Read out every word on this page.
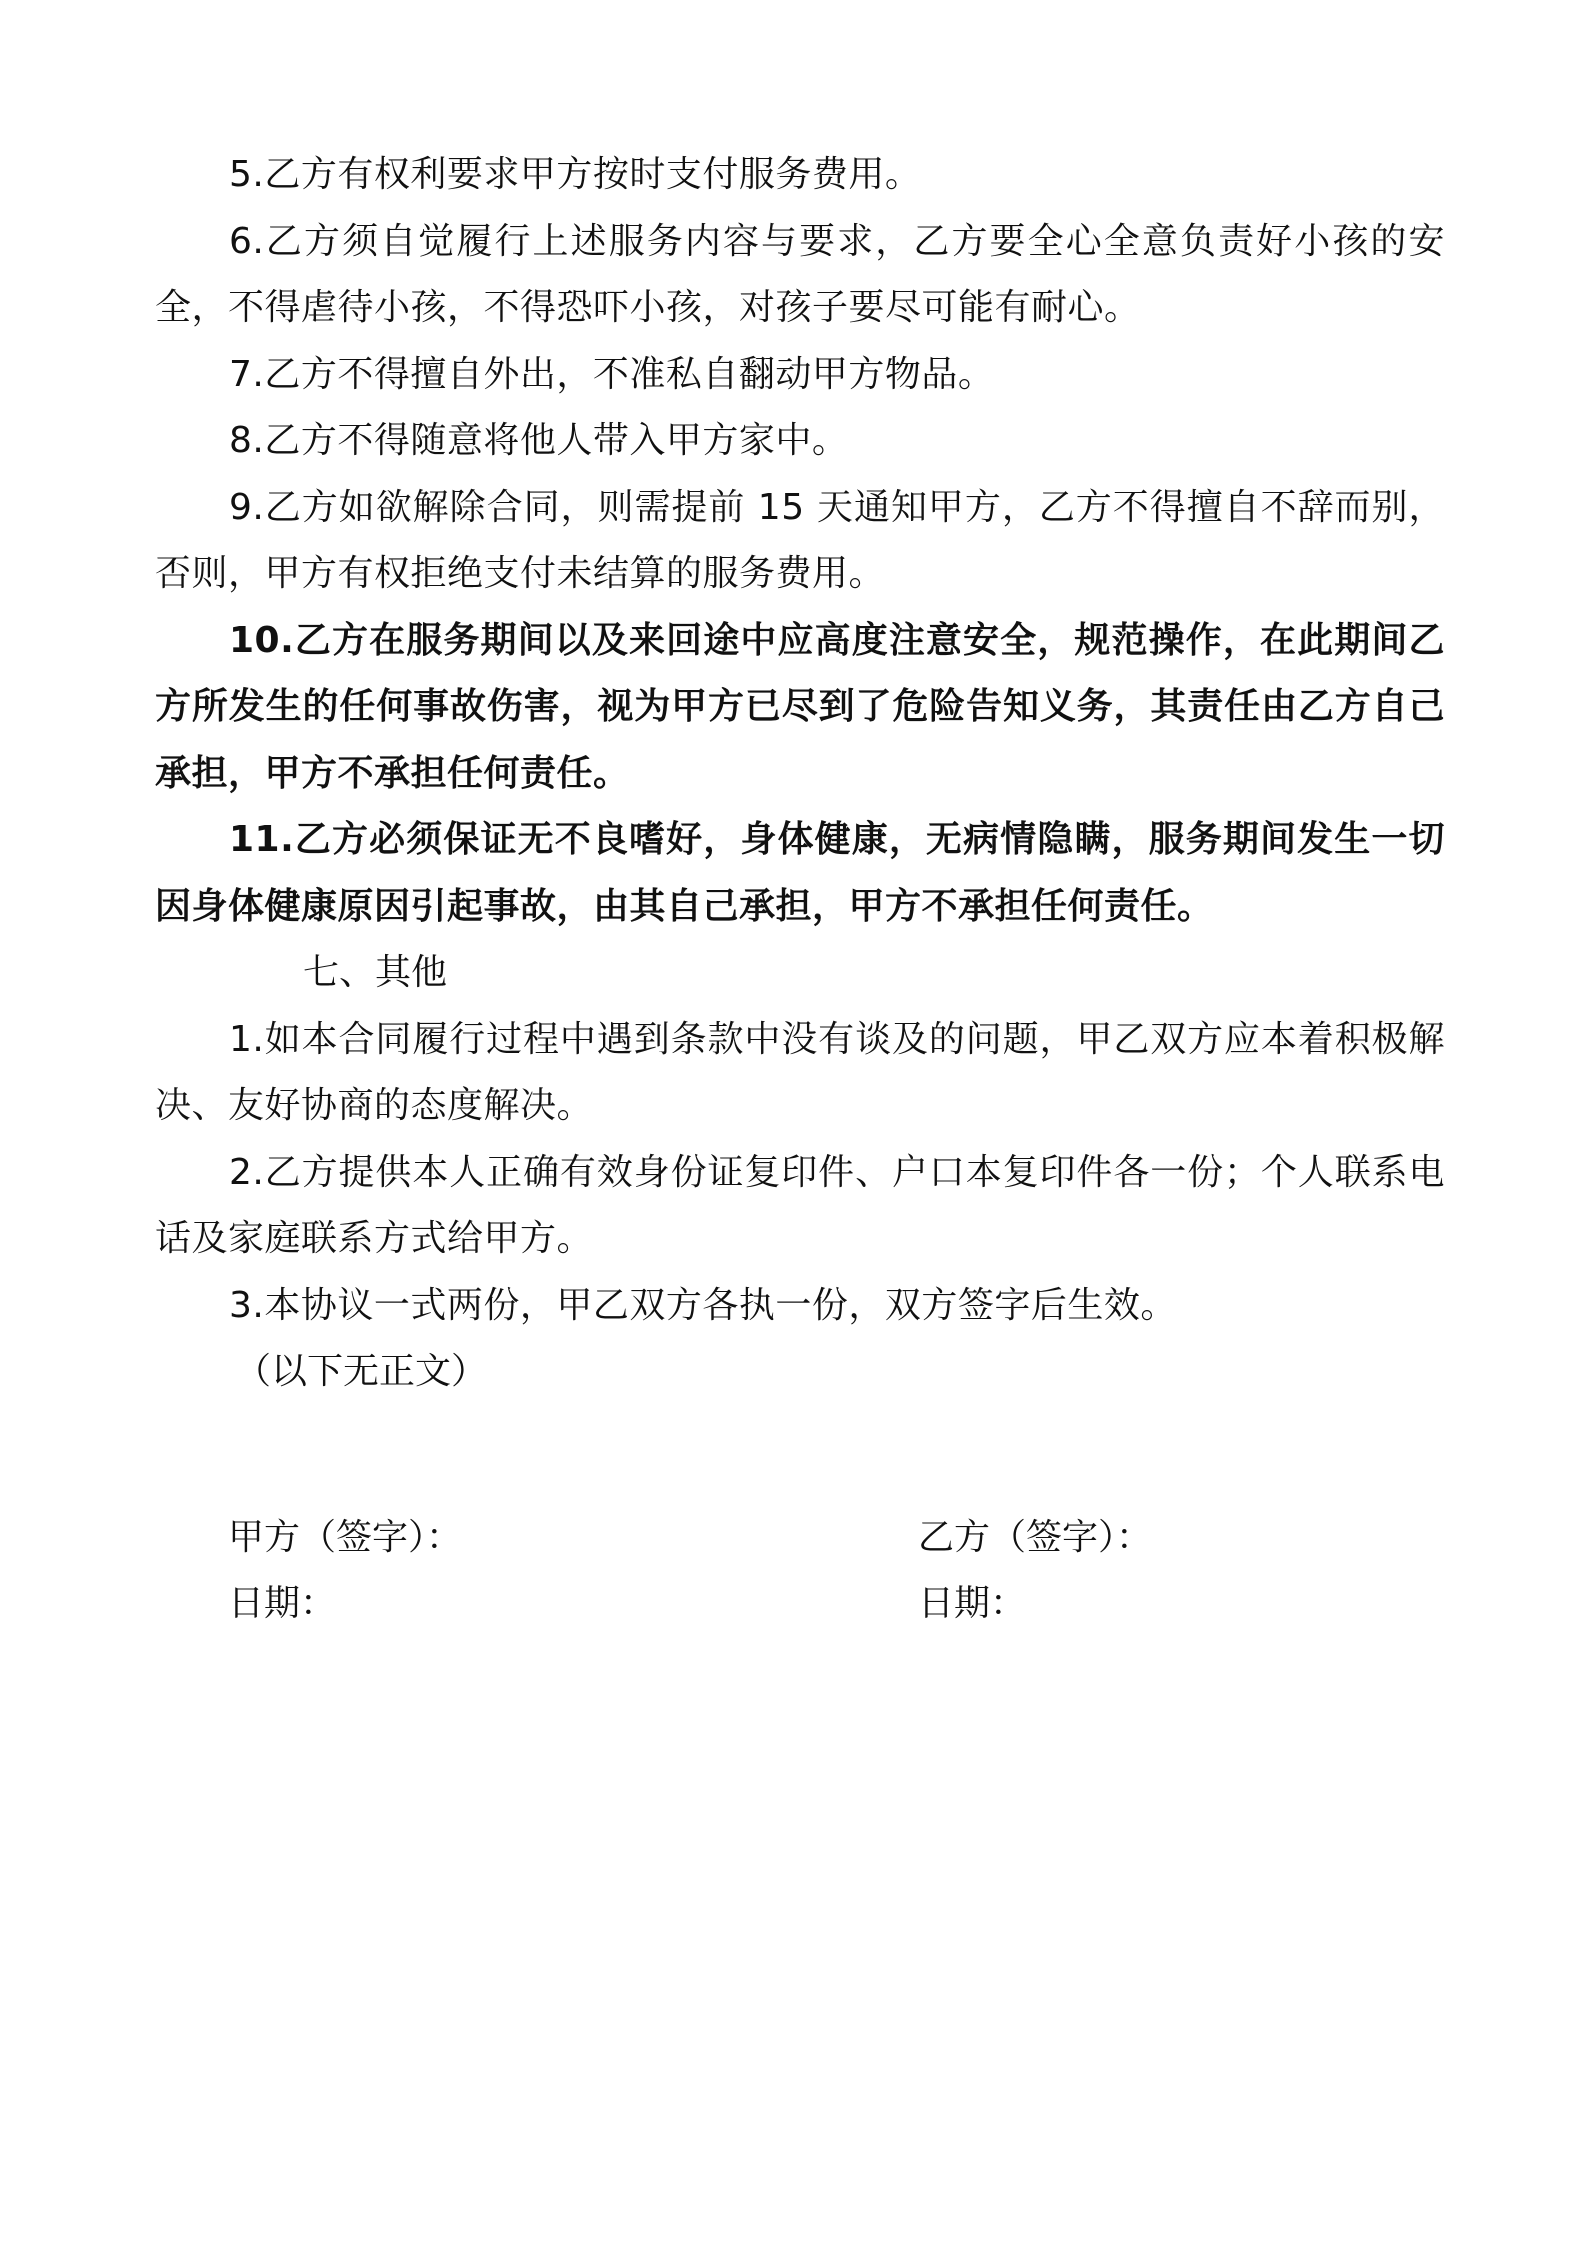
5.乙方有权利要求甲方按时支付服务费用。

6.乙方须自觉履行上述服务内容与要求，乙方要全心全意负责好小孩的安全，不得虐待小孩，不得恐吓小孩，对孩子要尽可能有耐心。

7.乙方不得擅自外出，不准私自翻动甲方物品。

8.乙方不得随意将他人带入甲方家中。

9.乙方如欲解除合同，则需提前 15 天通知甲方，乙方不得擅自不辞而别，否则，甲方有权拒绝支付未结算的服务费用。

10.乙方在服务期间以及来回途中应高度注意安全，规范操作，在此期间乙方所发生的任何事故伤害，视为甲方已尽到了危险告知义务，其责任由乙方自己承担，甲方不承担任何责任。

11.乙方必须保证无不良嗜好，身体健康，无病情隐瞒，服务期间发生一切因身体健康原因引起事故，由其自己承担，甲方不承担任何责任。

七、其他

1.如本合同履行过程中遇到条款中没有谈及的问题，甲乙双方应本着积极解决、友好协商的态度解决。

2.乙方提供本人正确有效身份证复印件、户口本复印件各一份；个人联系电话及家庭联系方式给甲方。

3.本协议一式两份，甲乙双方各执一份，双方签字后生效。

（以下无正文）

甲方（签字）：
日期：
乙方（签字）：
日期：
